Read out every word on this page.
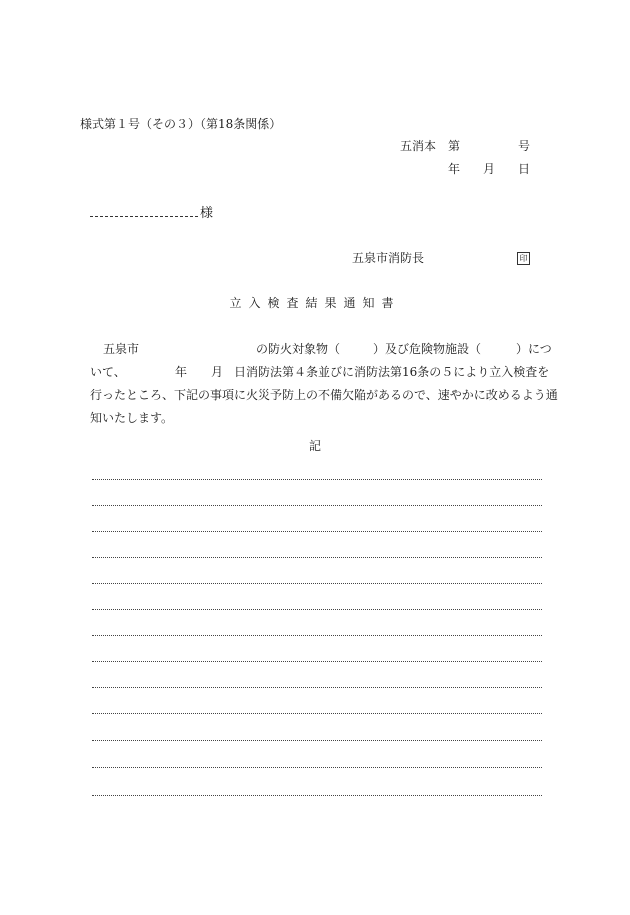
様式第１号（その３）（第18条関係）
五消本 第	号
年 月 日
様
五泉市消防長	印
立入検査結果通知書
五泉市	の防火対象物（	）及び危険物施設（	）につ
いて、	年 月 日消防法第４条並びに消防法第16条の５により立入検査を
行ったところ、下記の事項に火災予防上の不備欠陥があるので、速やかに改めるよう通
知いたします。
記
